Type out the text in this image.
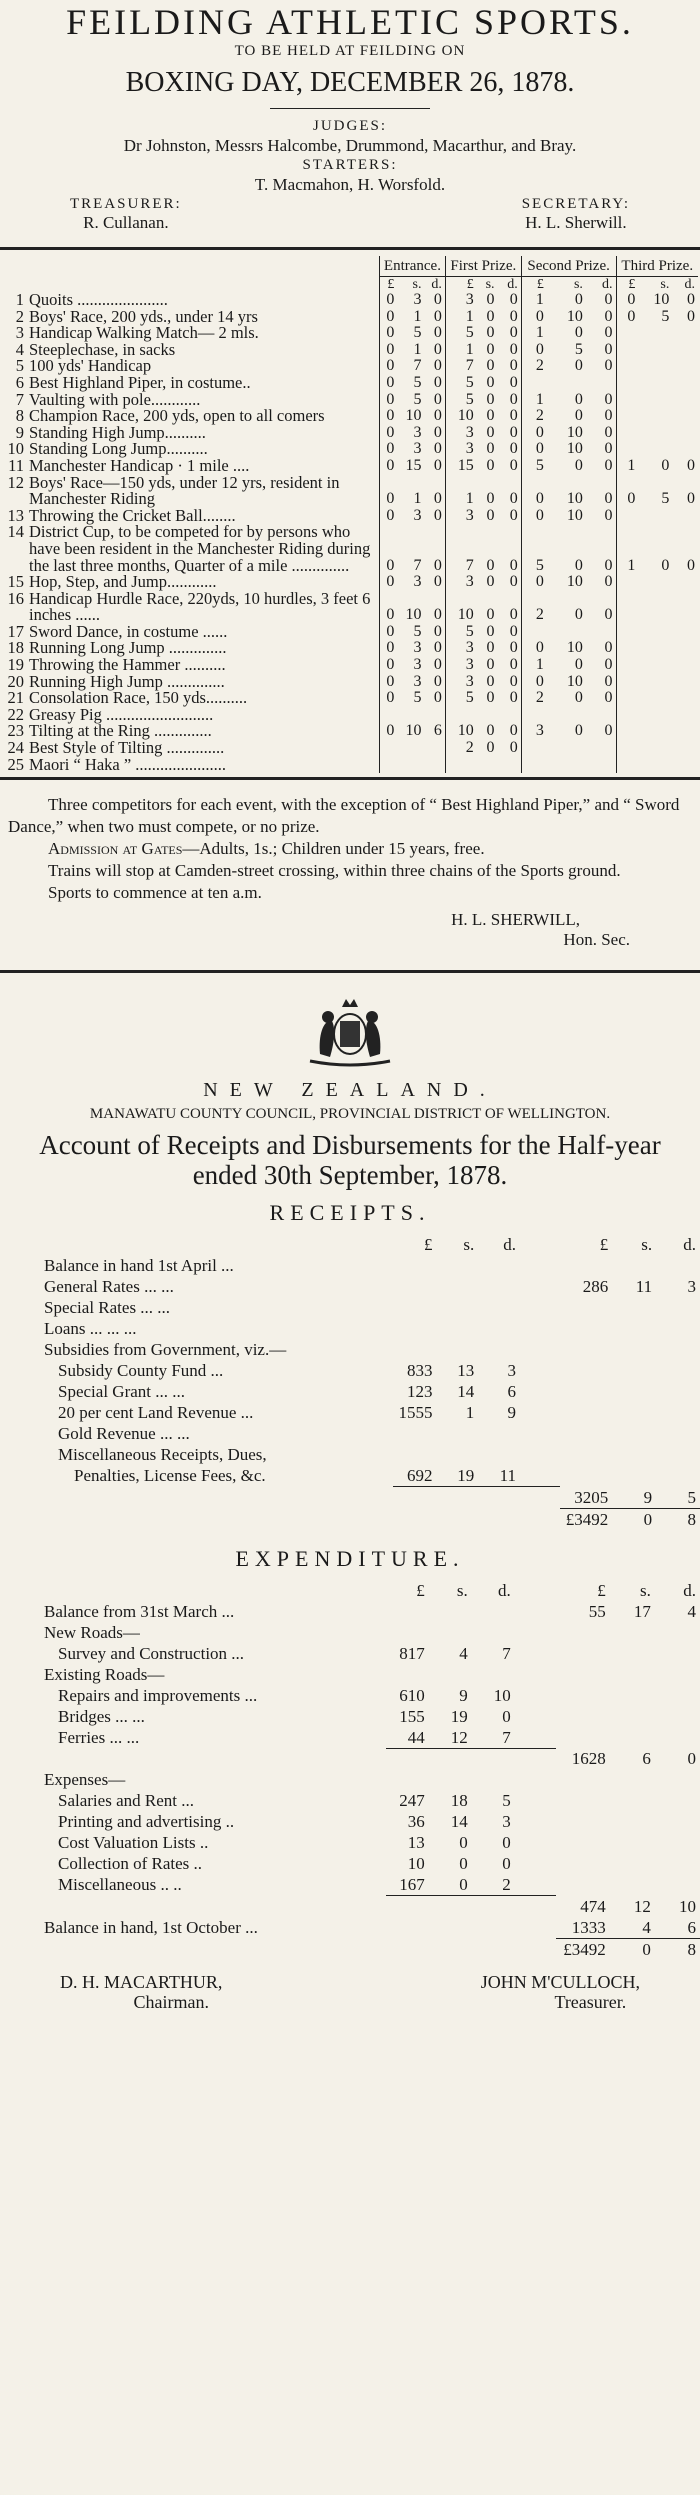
FEILDING ATHLETIC SPORTS.
TO BE HELD AT FEILDING ON
BOXING DAY, DECEMBER 26, 1878.
JUDGES:
Dr Johnston, Messrs Halcombe, Drummond, Macarthur, and Bray.
STARTERS:
T. Macmahon, H. Worsfold.
TREASURER:
R. Cullanan.
SECRETARY:
H. L. Sherwill.
		Entrance.			First Prize.			Second Prize.			Third Prize.		
		£	s.	d.	£	s.	d.	£	s.	d.	£	s.	d.
1	Quoits ......................	0	3	0	3	0	0	1	0	0	0	10	0
2	Boys' Race, 200 yds., under 14 yrs	0	1	0	1	0	0	0	10	0	0	5	0
3	Handicap Walking Match— 2 mls.	0	5	0	5	0	0	1	0	0			
4	Steeplechase, in sacks	0	1	0	1	0	0	0	5	0			
5	100 yds' Handicap	0	7	0	7	0	0	2	0	0			
6	Best Highland Piper, in costume..	0	5	0	5	0	0						
7	Vaulting with pole............	0	5	0	5	0	0	1	0	0			
8	Champion Race, 200 yds, open to all comers	0	10	0	10	0	0	2	0	0			
9	Standing High Jump..........	0	3	0	3	0	0	0	10	0			
10	Standing Long Jump..........	0	3	0	3	0	0	0	10	0			
11	Manchester Handicap · 1 mile ....	0	15	0	15	0	0	5	0	0	1	0	0
12	Boys' Race—150 yds, under 12 yrs, resident in Manchester Riding	0	1	0	1	0	0	0	10	0	0	5	0
13	Throwing the Cricket Ball........	0	3	0	3	0	0	0	10	0			
14	District Cup, to be competed for by persons who have been resident in the Manchester Riding during the last three months, Quarter of a mile ..............	0	7	0	7	0	0	5	0	0	1	0	0
15	Hop, Step, and Jump............	0	3	0	3	0	0	0	10	0			
16	Handicap Hurdle Race, 220yds, 10 hurdles, 3 feet 6 inches ......	0	10	0	10	0	0	2	0	0			
17	Sword Dance, in costume ......	0	5	0	5	0	0						
18	Running Long Jump ..............	0	3	0	3	0	0	0	10	0			
19	Throwing the Hammer ..........	0	3	0	3	0	0	1	0	0			
20	Running High Jump ..............	0	3	0	3	0	0	0	10	0			
21	Consolation Race, 150 yds..........	0	5	0	5	0	0	2	0	0			
22	Greasy Pig ..........................												
23	Tilting at the Ring ..............	0	10	6	10	0	0	3	0	0			
24	Best Style of Tilting ..............				2	0	0						
25	Maori “ Haka ” ......................												

Three competitors for each event, with the exception of “ Best Highland Piper,” and “ Sword Dance,” when two must compete, or no prize.

Admission at Gates—Adults, 1s.; Children under 15 years, free.

Trains will stop at Camden-street crossing, within three chains of the Sports ground.

Sports to commence at ten a.m.

H. L. SHERWILL,
Hon. Sec.
NEW ZEALAND.
MANAWATU COUNTY COUNCIL, PROVINCIAL DISTRICT OF WELLINGTON.
Account of Receipts and Disbursements for the Half-year ended 30th September, 1878.
RECEIPTS.
	£	s.	d.		£	s.	d.
Balance in hand 1st April ...							
General Rates ... ...					286	11	3
Special Rates ... ...							
Loans ... ... ...							
Subsidies from Government, viz.—							
Subsidy County Fund ...	833	13	3				
Special Grant ... ...	123	14	6				
20 per cent Land Revenue ...	1555	1	9				
Gold Revenue ... ...							
Miscellaneous Receipts, Dues,							
Penalties, License Fees, &c.	692	19	11				
					3205	9	5
					£3492	0	8
EXPENDITURE.
	£	s.	d.		£	s.	d.
Balance from 31st March ...					55	17	4
New Roads—							
Survey and Construction ...	817	4	7				
Existing Roads—							
Repairs and improvements ...	610	9	10				
Bridges ... ...	155	19	0				
Ferries ... ...	44	12	7				
					1628	6	0
Expenses—							
Salaries and Rent ...	247	18	5				
Printing and advertising ..	36	14	3				
Cost Valuation Lists ..	13	0	0				
Collection of Rates ..	10	0	0				
Miscellaneous .. ..	167	0	2				
					474	12	10
Balance in hand, 1st October ...					1333	4	6
					£3492	0	8
D. H. MACARTHUR,
Chairman.
JOHN M'CULLOCH,
Treasurer.
